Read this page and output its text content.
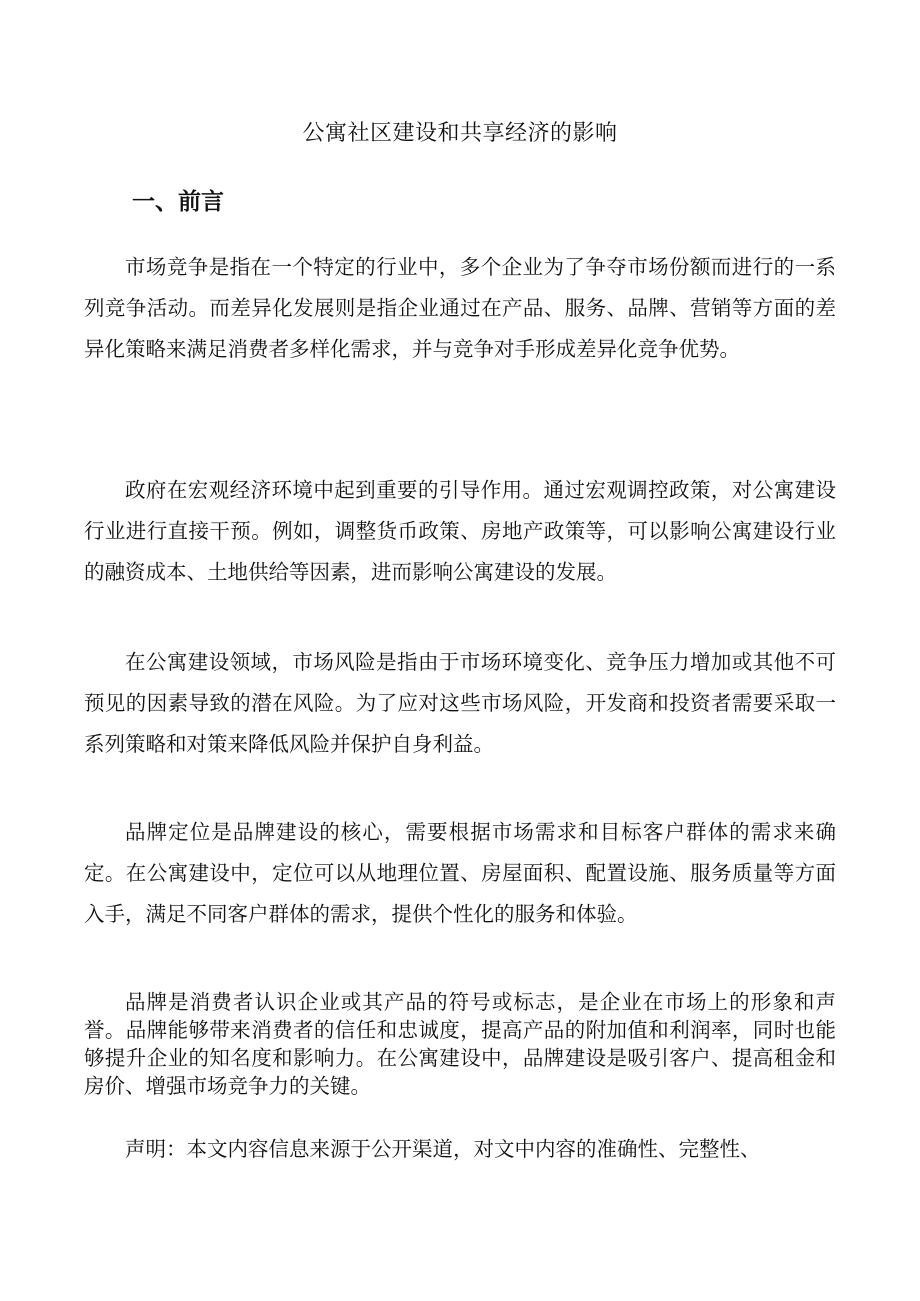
公寓社区建设和共享经济的影响
一、前言

市场竞争是指在一个特定的行业中，多个企业为了争夺市场份额而进行的一系列竞争活动。而差异化发展则是指企业通过在产品、服务、品牌、营销等方面的差异化策略来满足消费者多样化需求，并与竞争对手形成差异化竞争优势。

政府在宏观经济环境中起到重要的引导作用。通过宏观调控政策，对公寓建设行业进行直接干预。例如，调整货币政策、房地产政策等，可以影响公寓建设行业的融资成本、土地供给等因素，进而影响公寓建设的发展。

在公寓建设领域，市场风险是指由于市场环境变化、竞争压力增加或其他不可预见的因素导致的潜在风险。为了应对这些市场风险，开发商和投资者需要采取一系列策略和对策来降低风险并保护自身利益。

品牌定位是品牌建设的核心，需要根据市场需求和目标客户群体的需求来确定。在公寓建设中，定位可以从地理位置、房屋面积、配置设施、服务质量等方面入手，满足不同客户群体的需求，提供个性化的服务和体验。

品牌是消费者认识企业或其产品的符号或标志，是企业在市场上的形象和声誉。品牌能够带来消费者的信任和忠诚度，提高产品的附加值和利润率，同时也能够提升企业的知名度和影响力。在公寓建设中，品牌建设是吸引客户、提高租金和房价、增强市场竞争力的关键。

声明：本文内容信息来源于公开渠道，对文中内容的准确性、完整性、
